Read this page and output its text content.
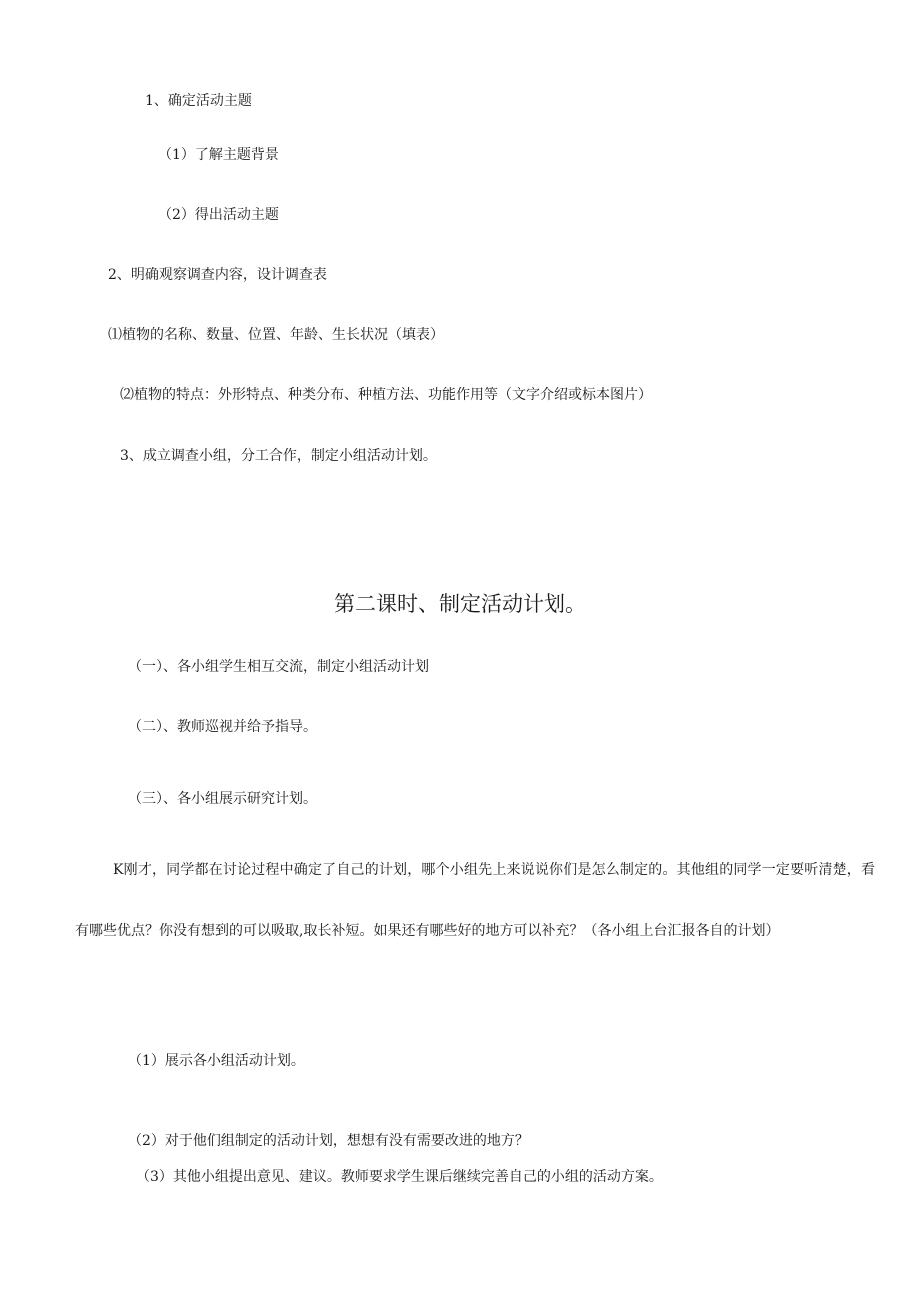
1、确定活动主题
（1）了解主题背景
（2）得出活动主题
2、明确观察调查内容，设计调查表
⑴植物的名称、数量、位置、年龄、生长状况（填表）
⑵植物的特点：外形特点、种类分布、种植方法、功能作用等（文字介绍或标本图片）
3、成立调查小组，分工合作，制定小组活动计划。
第二课时、制定活动计划。
（一）、各小组学生相互交流，制定小组活动计划
（二）、教师巡视并给予指导。
（三）、各小组展示研究计划。
K刚才，同学都在讨论过程中确定了自己的计划，哪个小组先上来说说你们是怎么制定的。其他组的同学一定要听清楚，看有哪些优点？你没有想到的可以吸取,取长补短。如果还有哪些好的地方可以补充？（各小组上台汇报各自的计划）
（1）展示各小组活动计划。
（2）对于他们组制定的活动计划，想想有没有需要改进的地方？
（3）其他小组提出意见、建议。教师要求学生课后继续完善自己的小组的活动方案。
